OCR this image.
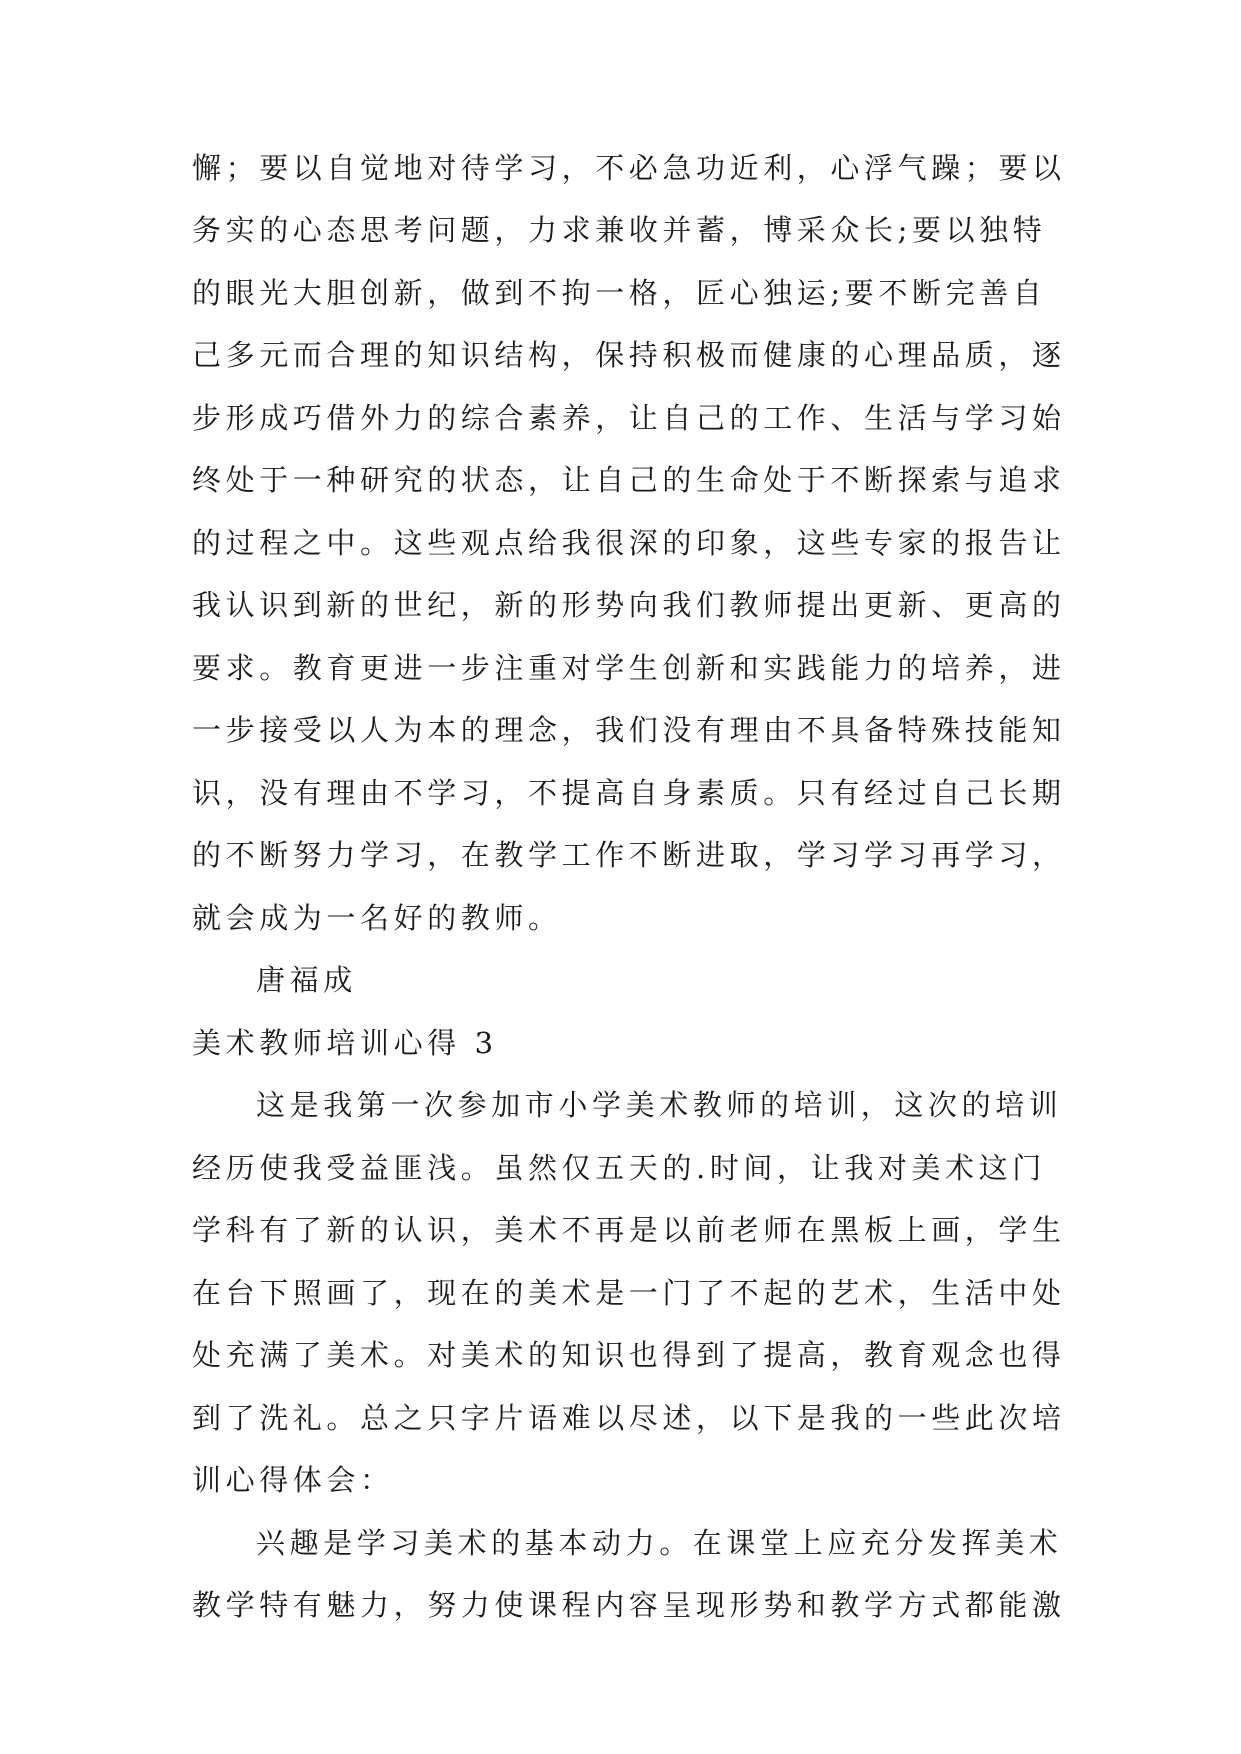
懈；要以自觉地对待学习，不必急功近利，心浮气躁；要以
务实的心态思考问题，力求兼收并蓄，博采众长;要以独特
的眼光大胆创新，做到不拘一格，匠心独运;要不断完善自
己多元而合理的知识结构，保持积极而健康的心理品质，逐
步形成巧借外力的综合素养，让自己的工作、生活与学习始
终处于一种研究的状态，让自己的生命处于不断探索与追求
的过程之中。这些观点给我很深的印象，这些专家的报告让
我认识到新的世纪，新的形势向我们教师提出更新、更高的
要求。教育更进一步注重对学生创新和实践能力的培养，进
一步接受以人为本的理念，我们没有理由不具备特殊技能知
识，没有理由不学习，不提高自身素质。只有经过自己长期
的不断努力学习，在教学工作不断进取，学习学习再学习，
就会成为一名好的教师。
唐福成
美术教师培训心得 3
这是我第一次参加市小学美术教师的培训，这次的培训
经历使我受益匪浅。虽然仅五天的.时间，让我对美术这门
学科有了新的认识，美术不再是以前老师在黑板上画，学生
在台下照画了，现在的美术是一门了不起的艺术，生活中处
处充满了美术。对美术的知识也得到了提高，教育观念也得
到了洗礼。总之只字片语难以尽述，以下是我的一些此次培
训心得体会：
兴趣是学习美术的基本动力。在课堂上应充分发挥美术
教学特有魅力，努力使课程内容呈现形势和教学方式都能激
